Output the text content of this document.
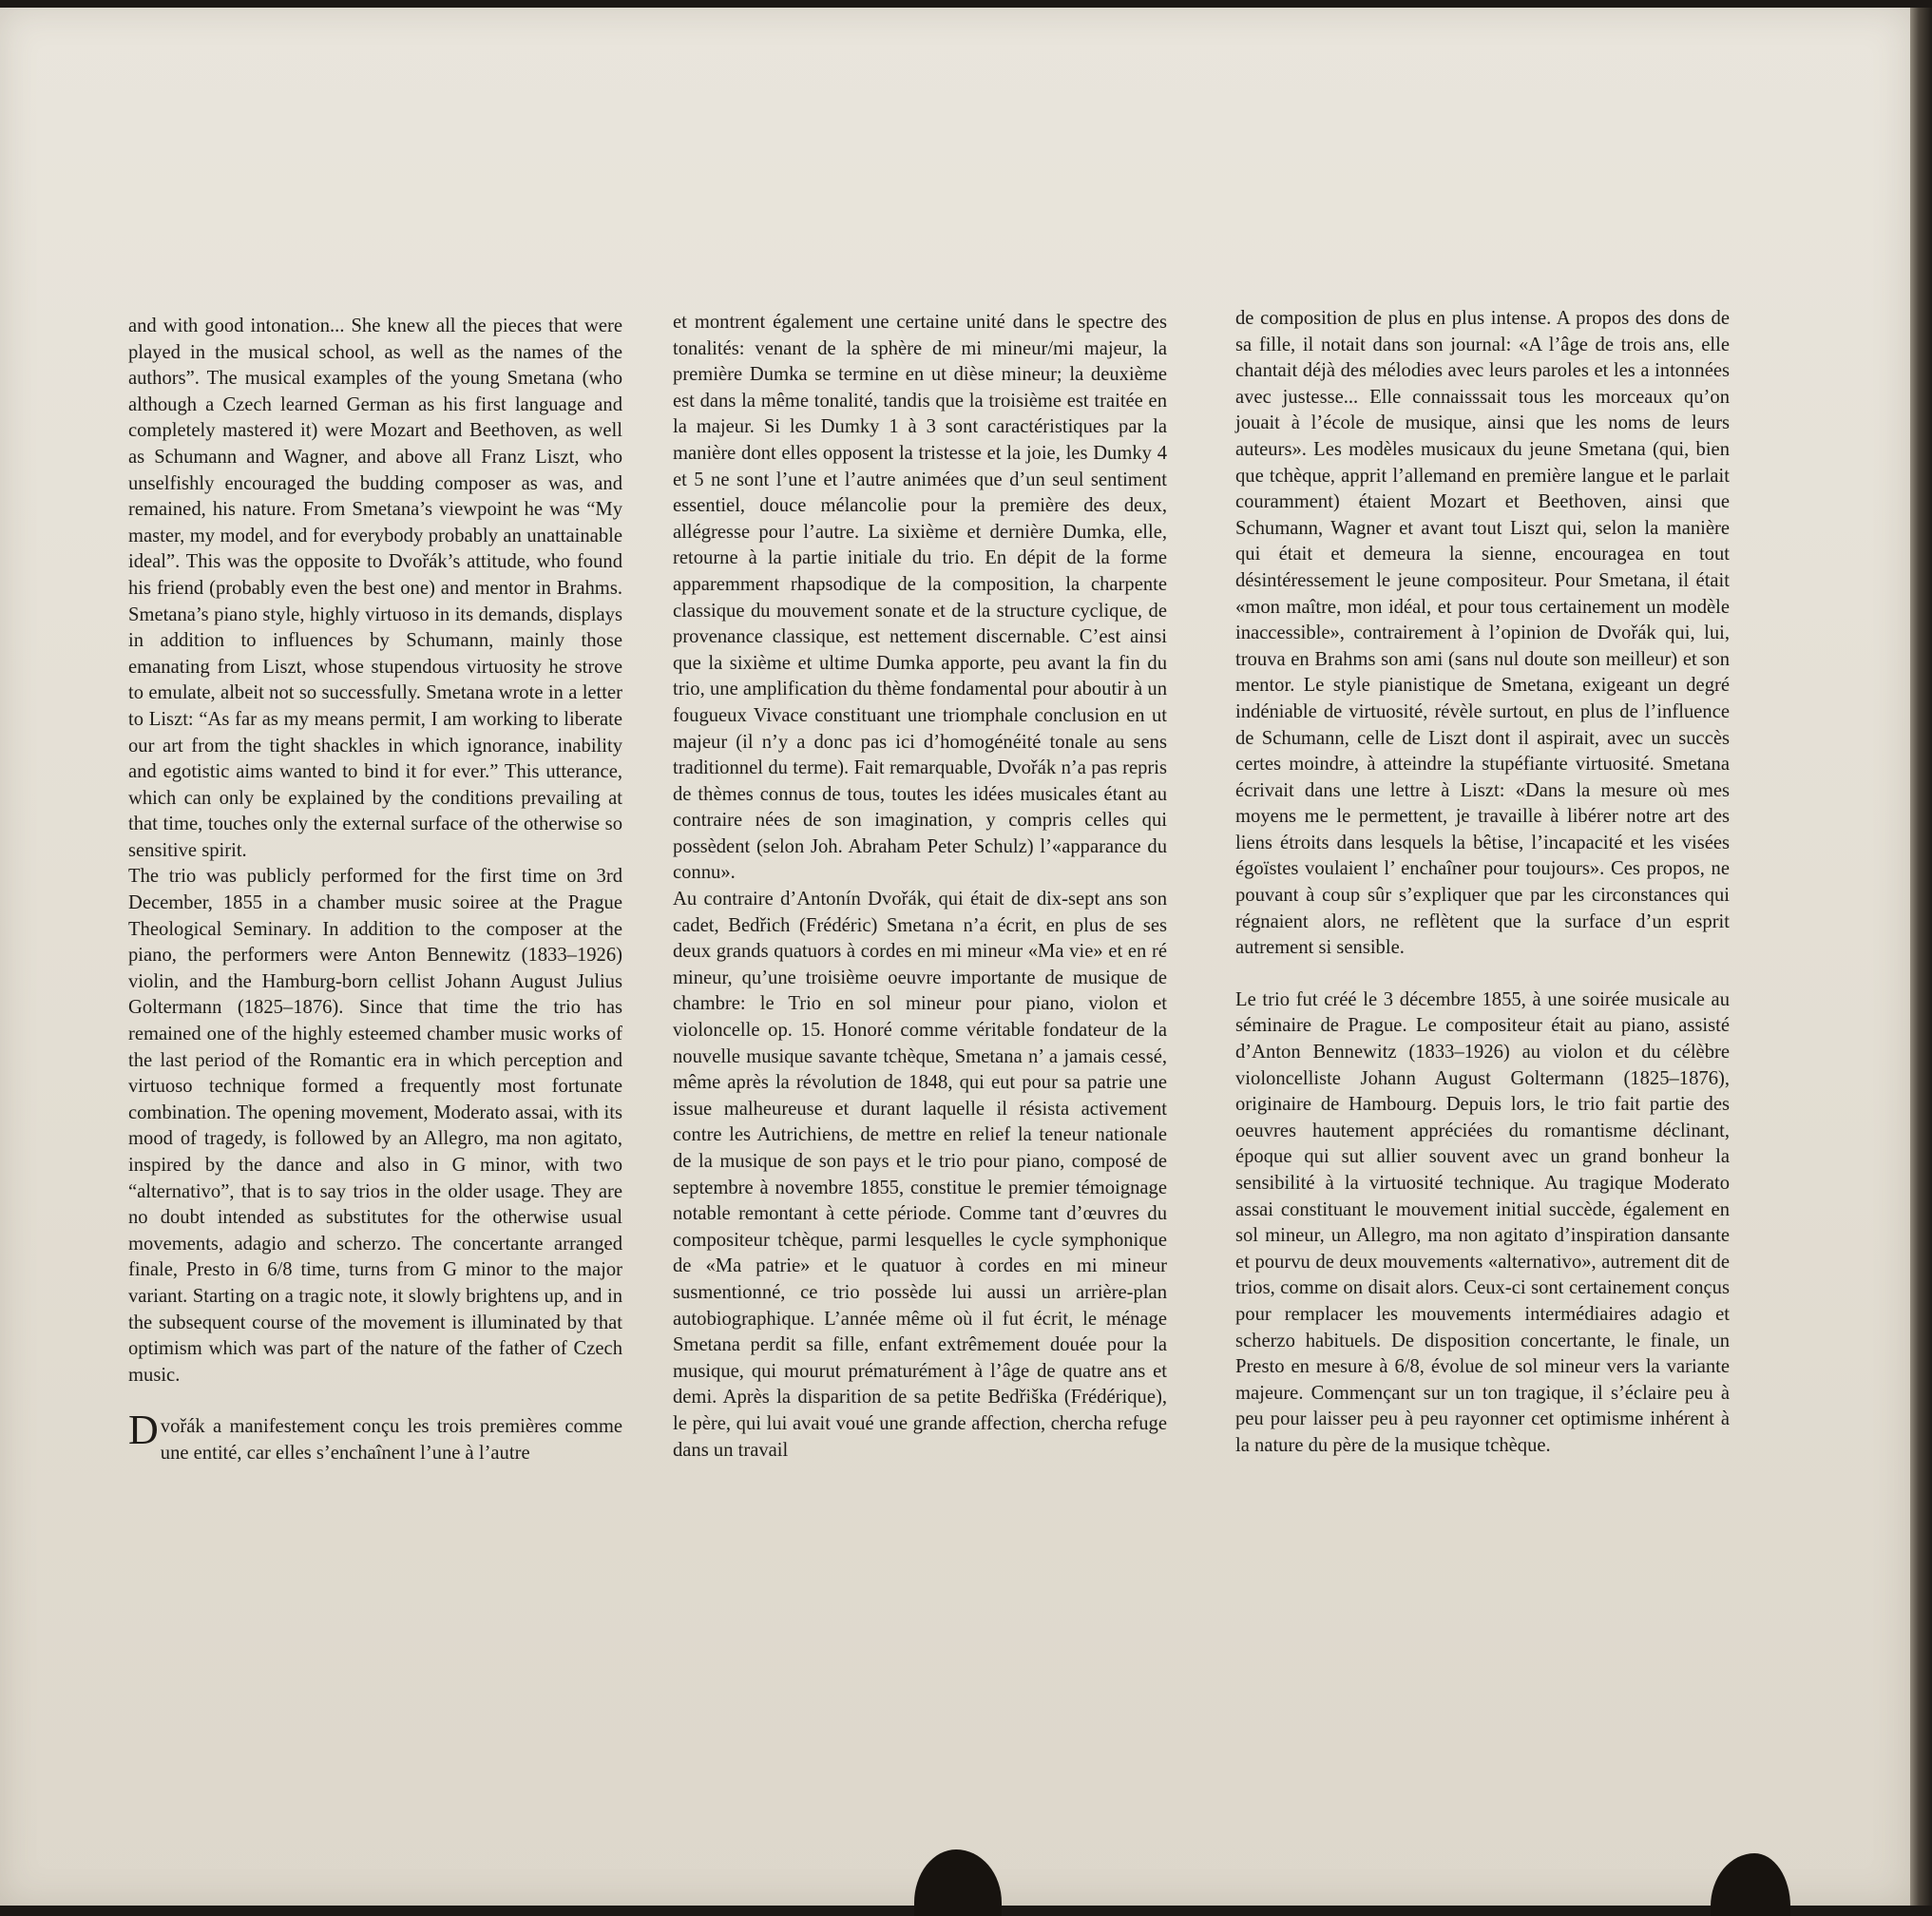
and with good intonation... She knew all the pieces that were played in the musical school, as well as the names of the authors”. The musical examples of the young Smetana (who although a Czech learned German as his first language and completely mastered it) were Mozart and Beethoven, as well as Schumann and Wagner, and above all Franz Liszt, who unselfishly encouraged the budding composer as was, and remained, his nature. From Smetana’s viewpoint he was “My master, my model, and for everybody probably an unattainable ideal”. This was the opposite to Dvořák’s attitude, who found his friend (probably even the best one) and mentor in Brahms. Smetana’s piano style, highly virtuoso in its demands, displays in addition to influences by Schumann, mainly those emanating from Liszt, whose stupendous virtuosity he strove to emulate, albeit not so successfully. Smetana wrote in a letter to Liszt: “As far as my means permit, I am working to liberate our art from the tight shackles in which ignorance, inability and egotistic aims wanted to bind it for ever.” This utterance, which can only be explained by the conditions prevailing at that time, touches only the external surface of the otherwise so sensitive spirit.

The trio was publicly performed for the first time on 3rd December, 1855 in a chamber music soiree at the Prague Theological Seminary. In addition to the composer at the piano, the performers were Anton Bennewitz (1833–1926) violin, and the Hamburg-born cellist Johann August Julius Goltermann (1825–1876). Since that time the trio has remained one of the highly esteemed chamber music works of the last period of the Romantic era in which perception and virtuoso technique formed a frequently most fortunate combination. The opening movement, Moderato assai, with its mood of tragedy, is followed by an Allegro, ma non agitato, inspired by the dance and also in G minor, with two “alternativo”, that is to say trios in the older usage. They are no doubt intended as substitutes for the otherwise usual movements, adagio and scherzo. The concertante arranged finale, Presto in 6/8 time, turns from G minor to the major variant. Starting on a tragic note, it slowly brightens up, and in the subsequent course of the movement is illuminated by that optimism which was part of the nature of the father of Czech music.

Dvořák a manifestement conçu les trois premières comme une entité, car elles s’enchaînent l’une à l’autre

et montrent également une certaine unité dans le spectre des tonalités: venant de la sphère de mi mineur/mi majeur, la première Dumka se termine en ut dièse mineur; la deuxième est dans la même tonalité, tandis que la troisième est traitée en la majeur. Si les Dumky 1 à 3 sont caractéristiques par la manière dont elles opposent la tristesse et la joie, les Dumky 4 et 5 ne sont l’une et l’autre animées que d’un seul sentiment essentiel, douce mélancolie pour la première des deux, allégresse pour l’autre. La sixième et dernière Dumka, elle, retourne à la partie initiale du trio. En dépit de la forme apparemment rhapsodique de la composition, la charpente classique du mouvement sonate et de la structure cyclique, de provenance classique, est nettement discernable. C’est ainsi que la sixième et ultime Dumka apporte, peu avant la fin du trio, une amplification du thème fondamental pour aboutir à un fougueux Vivace constituant une triomphale conclusion en ut majeur (il n’y a donc pas ici d’homogénéité tonale au sens traditionnel du terme). Fait remarquable, Dvořák n’a pas repris de thèmes connus de tous, toutes les idées musicales étant au contraire nées de son imagination, y compris celles qui possèdent (selon Joh. Abraham Peter Schulz) l’«apparance du connu».

Au contraire d’Antonín Dvořák, qui était de dix-sept ans son cadet, Bedřich (Frédéric) Smetana n’a écrit, en plus de ses deux grands quatuors à cordes en mi mineur «Ma vie» et en ré mineur, qu’une troisième oeuvre importante de musique de chambre: le Trio en sol mineur pour piano, violon et violoncelle op. 15. Honoré comme véritable fondateur de la nouvelle musique savante tchèque, Smetana n’ a jamais cessé, même après la révolution de 1848, qui eut pour sa patrie une issue malheureuse et durant laquelle il résista activement contre les Autrichiens, de mettre en relief la teneur nationale de la musique de son pays et le trio pour piano, composé de septembre à novembre 1855, constitue le premier témoignage notable remontant à cette période. Comme tant d’œuvres du compositeur tchèque, parmi lesquelles le cycle symphonique de «Ma patrie» et le quatuor à cordes en mi mineur susmentionné, ce trio possède lui aussi un arrière-plan autobiographique. L’année même où il fut écrit, le ménage Smetana perdit sa fille, enfant extrêmement douée pour la musique, qui mourut prématurément à l’âge de quatre ans et demi. Après la disparition de sa petite Bedřiška (Frédérique), le père, qui lui avait voué une grande affection, chercha refuge dans un travail

de composition de plus en plus intense. A propos des dons de sa fille, il notait dans son journal: «A l’âge de trois ans, elle chantait déjà des mélodies avec leurs paroles et les a intonnées avec justesse... Elle connaisssait tous les morceaux qu’on jouait à l’école de musique, ainsi que les noms de leurs auteurs». Les modèles musicaux du jeune Smetana (qui, bien que tchèque, apprit l’allemand en première langue et le parlait couramment) étaient Mozart et Beethoven, ainsi que Schumann, Wagner et avant tout Liszt qui, selon la manière qui était et demeura la sienne, encouragea en tout désintéressement le jeune compositeur. Pour Smetana, il était «mon maître, mon idéal, et pour tous certainement un modèle inaccessible», contrairement à l’opinion de Dvořák qui, lui, trouva en Brahms son ami (sans nul doute son meilleur) et son mentor. Le style pianistique de Smetana, exigeant un degré indéniable de virtuosité, révèle surtout, en plus de l’influence de Schumann, celle de Liszt dont il aspirait, avec un succès certes moindre, à atteindre la stupéfiante virtuosité. Smetana écrivait dans une lettre à Liszt: «Dans la mesure où mes moyens me le permettent, je travaille à libérer notre art des liens étroits dans lesquels la bêtise, l’incapacité et les visées égoïstes voulaient l’ enchaîner pour toujours». Ces propos, ne pouvant à coup sûr s’expliquer que par les circonstances qui régnaient alors, ne reflètent que la surface d’un esprit autrement si sensible.

Le trio fut créé le 3 décembre 1855, à une soirée musicale au séminaire de Prague. Le compositeur était au piano, assisté d’Anton Bennewitz (1833–1926) au violon et du célèbre violoncelliste Johann August Goltermann (1825–1876), originaire de Hambourg. Depuis lors, le trio fait partie des oeuvres hautement appréciées du romantisme déclinant, époque qui sut allier souvent avec un grand bonheur la sensibilité à la virtuosité technique. Au tragique Moderato assai constituant le mouvement initial succède, également en sol mineur, un Allegro, ma non agitato d’inspiration dansante et pourvu de deux mouvements «alternativo», autrement dit de trios, comme on disait alors. Ceux-ci sont certainement conçus pour remplacer les mouvements intermédiaires adagio et scherzo habituels. De disposition concertante, le finale, un Presto en mesure à 6/8, évolue de sol mineur vers la variante majeure. Commençant sur un ton tragique, il s’éclaire peu à peu pour laisser peu à peu rayonner cet optimisme inhérent à la nature du père de la musique tchèque.
